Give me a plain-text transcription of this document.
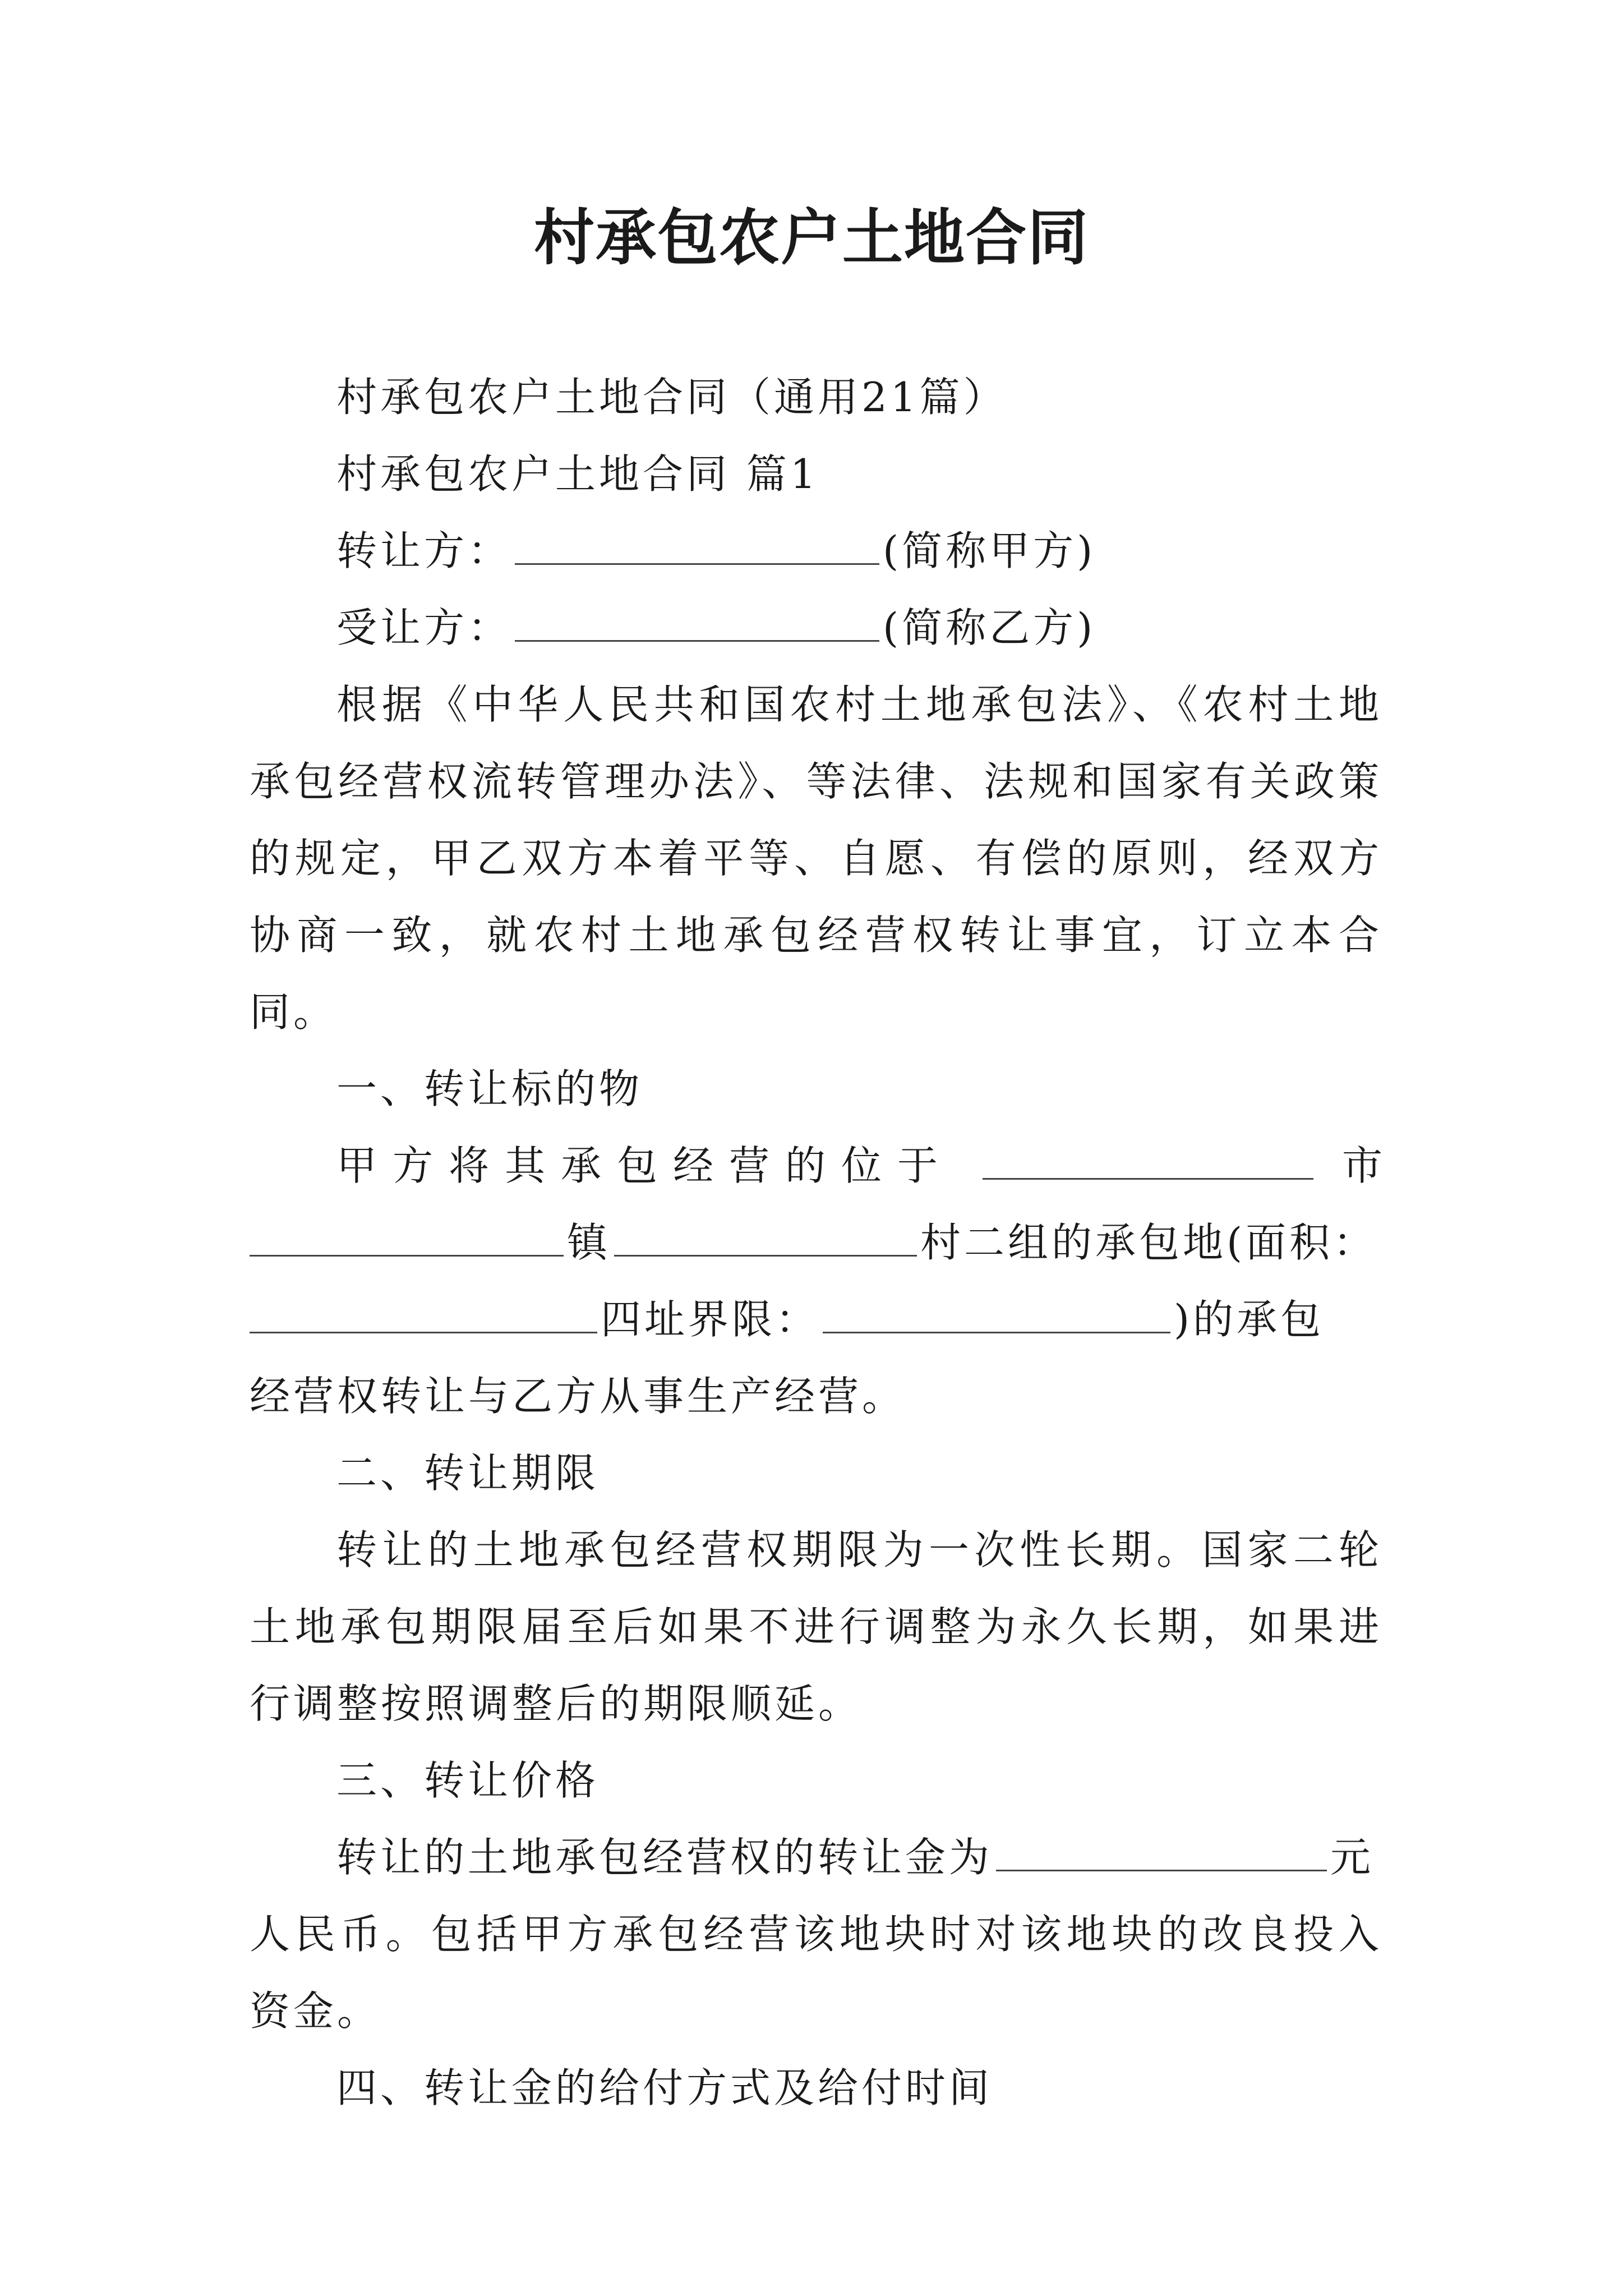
村承包农户土地合同
村承包农户土地合同（通用21篇）
村承包农户土地合同 篇1
转让方：	(简称甲方)
受让方：	(简称乙方)
根据《中华人民共和国农村土地承包法》、《农村土地承包经营权流转管理办法》、等法律、法规和国家有关政策的规定，甲乙双方本着平等、自愿、有偿的原则，经双方协商一致，就农村土地承包经营权转让事宜，订立本合同。
一、转让标的物
甲方将其承包经营的位于	市
镇	村二组的承包地(面积：
四址界限：	)的承包
经营权转让与乙方从事生产经营。
二、转让期限
转让的土地承包经营权期限为一次性长期。国家二轮土地承包期限届至后如果不进行调整为永久长期，如果进行调整按照调整后的期限顺延。
三、转让价格
转让的土地承包经营权的转让金为	元
人民币。包括甲方承包经营该地块时对该地块的改良投入资金。
四、转让金的给付方式及给付时间
